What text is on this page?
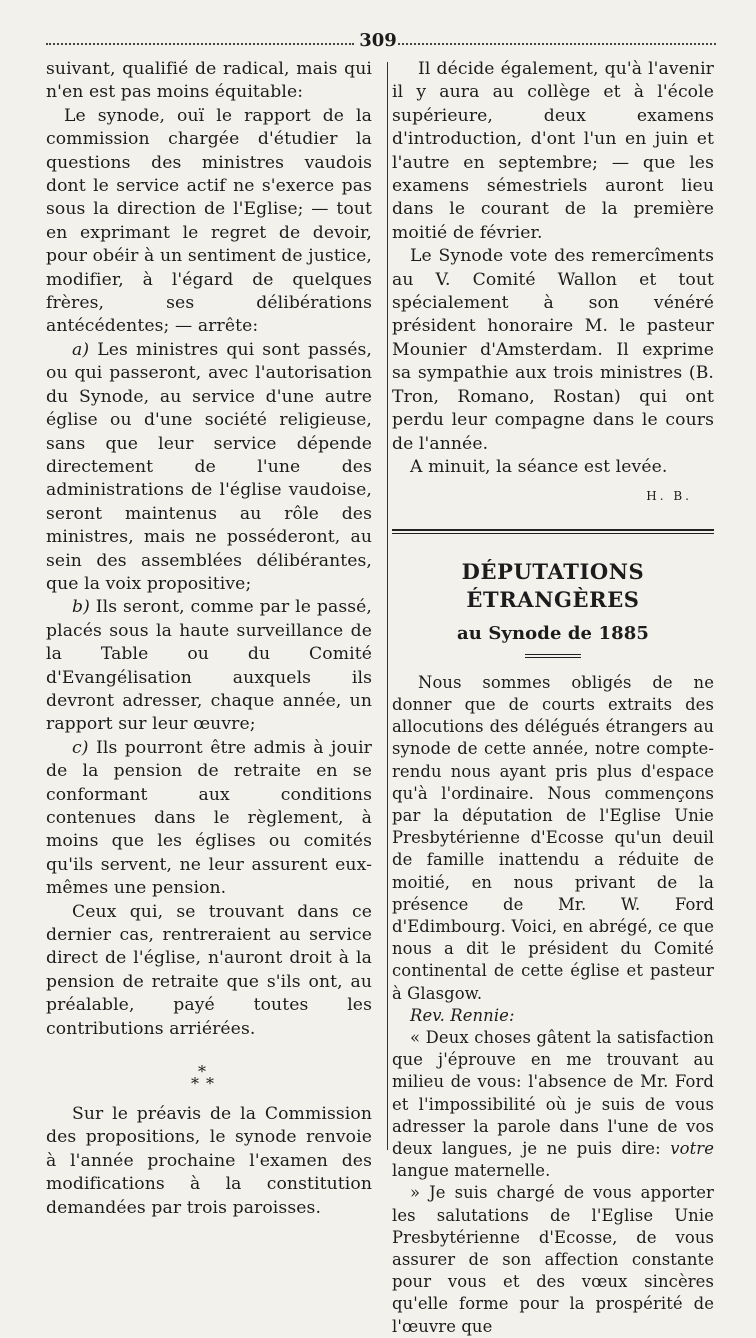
309

suivant, qualifié de radical, mais qui n'en est pas moins équitable:

Le synode, ouï le rapport de la commission chargée d'étudier la questions des ministres vaudois dont le service actif ne s'exerce pas sous la direction de l'Eglise; — tout en exprimant le regret de devoir, pour obéir à un sentiment de justice, modifier, à l'égard de quelques frères, ses délibérations antécédentes; — arrête:

a) Les ministres qui sont passés, ou qui passeront, avec l'autorisation du Synode, au service d'une autre église ou d'une société religieuse, sans que leur service dépende directement de l'une des administrations de l'église vaudoise, seront maintenus au rôle des ministres, mais ne posséderont, au sein des assemblées délibérantes, que la voix propositive;

b) Ils seront, comme par le passé, placés sous la haute surveillance de la Table ou du Comité d'Evangélisation auxquels ils devront adresser, chaque année, un rapport sur leur œuvre;

c) Ils pourront être admis à jouir de la pension de retraite en se conformant aux conditions contenues dans le règlement, à moins que les églises ou comités qu'ils servent, ne leur assurent eux-mêmes une pension.

Ceux qui, se trouvant dans ce dernier cas, rentreraient au service direct de l'église, n'auront droit à la pension de retraite que s'ils ont, au préalable, payé toutes les contributions arriérées.

*
* *

Sur le préavis de la Commission des propositions, le synode renvoie à l'année prochaine l'examen des modifications à la constitution demandées par trois paroisses.

Il décide également, qu'à l'avenir il y aura au collège et à l'école supérieure, deux examens d'introduction, d'ont l'un en juin et l'autre en septembre; — que les examens sémestriels auront lieu dans le courant de la première moitié de février.

Le Synode vote des remercîments au V. Comité Wallon et tout spécialement à son vénéré président honoraire M. le pasteur Mounier d'Amsterdam. Il exprime sa sympathie aux trois ministres (B. Tron, Romano, Rostan) qui ont perdu leur compagne dans le cours de l'année.

A minuit, la séance est levée.

H. B.
DÉPUTATIONS ÉTRANGÈRES
au Synode de 1885

Nous sommes obligés de ne donner que de courts extraits des allocutions des délégués étrangers au synode de cette année, notre compte-rendu nous ayant pris plus d'espace qu'à l'ordinaire. Nous commençons par la députation de l'Eglise Unie Presbytérienne d'Ecosse qu'un deuil de famille inattendu a réduite de moitié, en nous privant de la présence de Mr. W. Ford d'Edimbourg. Voici, en abrégé, ce que nous a dit le président du Comité continental de cette église et pasteur à Glasgow.

Rev. Rennie:

« Deux choses gâtent la satisfaction que j'éprouve en me trouvant au milieu de vous: l'absence de Mr. Ford et l'impossibilité où je suis de vous adresser la parole dans l'une de vos deux langues, je ne puis dire: votre langue maternelle.

» Je suis chargé de vous apporter les salutations de l'Eglise Unie Presbytérienne d'Ecosse, de vous assurer de son affection constante pour vous et des vœux sincères qu'elle forme pour la prospérité de l'œuvre que
